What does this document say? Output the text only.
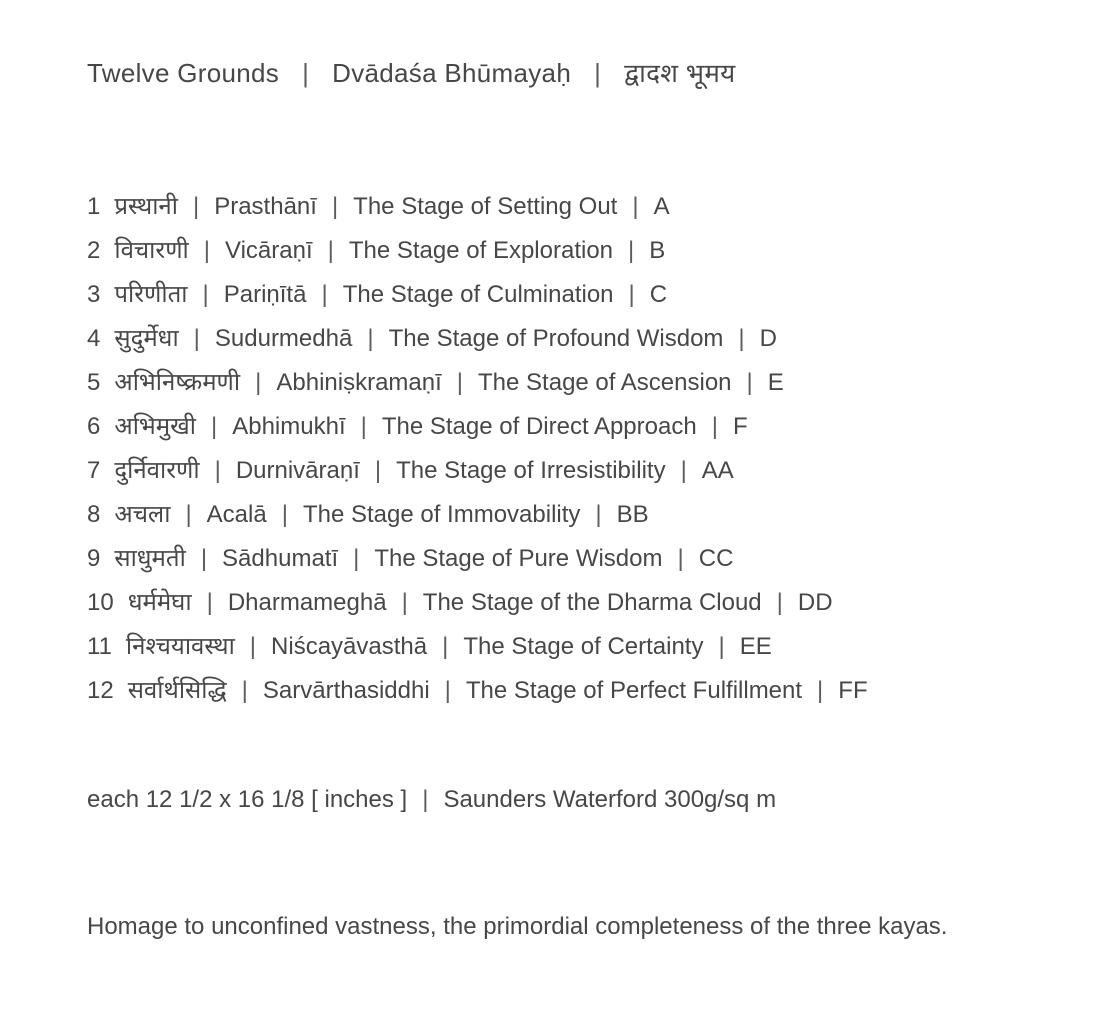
Twelve Grounds | Dvādaśa Bhūmayaḥ | द्वादश भूमय
1 प्रस्थानी | Prasthānī | The Stage of Setting Out | A
2 विचारणी | Vicāraṇī | The Stage of Exploration | B
3 परिणीता | Pariṇītā | The Stage of Culmination | C
4 सुदुर्मेधा | Sudurmedhā | The Stage of Profound Wisdom | D
5 अभिनिष्क्रमणी | Abhiniṣkramaṇī | The Stage of Ascension | E
6 अभिमुखी | Abhimukhī | The Stage of Direct Approach | F
7 दुर्निवारणी | Durnivāraṇī | The Stage of Irresistibility | AA
8 अचला | Acalā | The Stage of Immovability | BB
9 साधुमती | Sādhumatī | The Stage of Pure Wisdom | CC
10 धर्ममेघा | Dharmameghā | The Stage of the Dharma Cloud | DD
11 निश्चयावस्था | Niścayāvasthā | The Stage of Certainty | EE
12 सर्वार्थसिद्धि | Sarvārthasiddhi | The Stage of Perfect Fulfillment | FF

each 12 1/2 x 16 1/8 [ inches ] | Saunders Waterford 300g/sq m

Homage to unconfined vastness, the primordial completeness of the three kayas.
